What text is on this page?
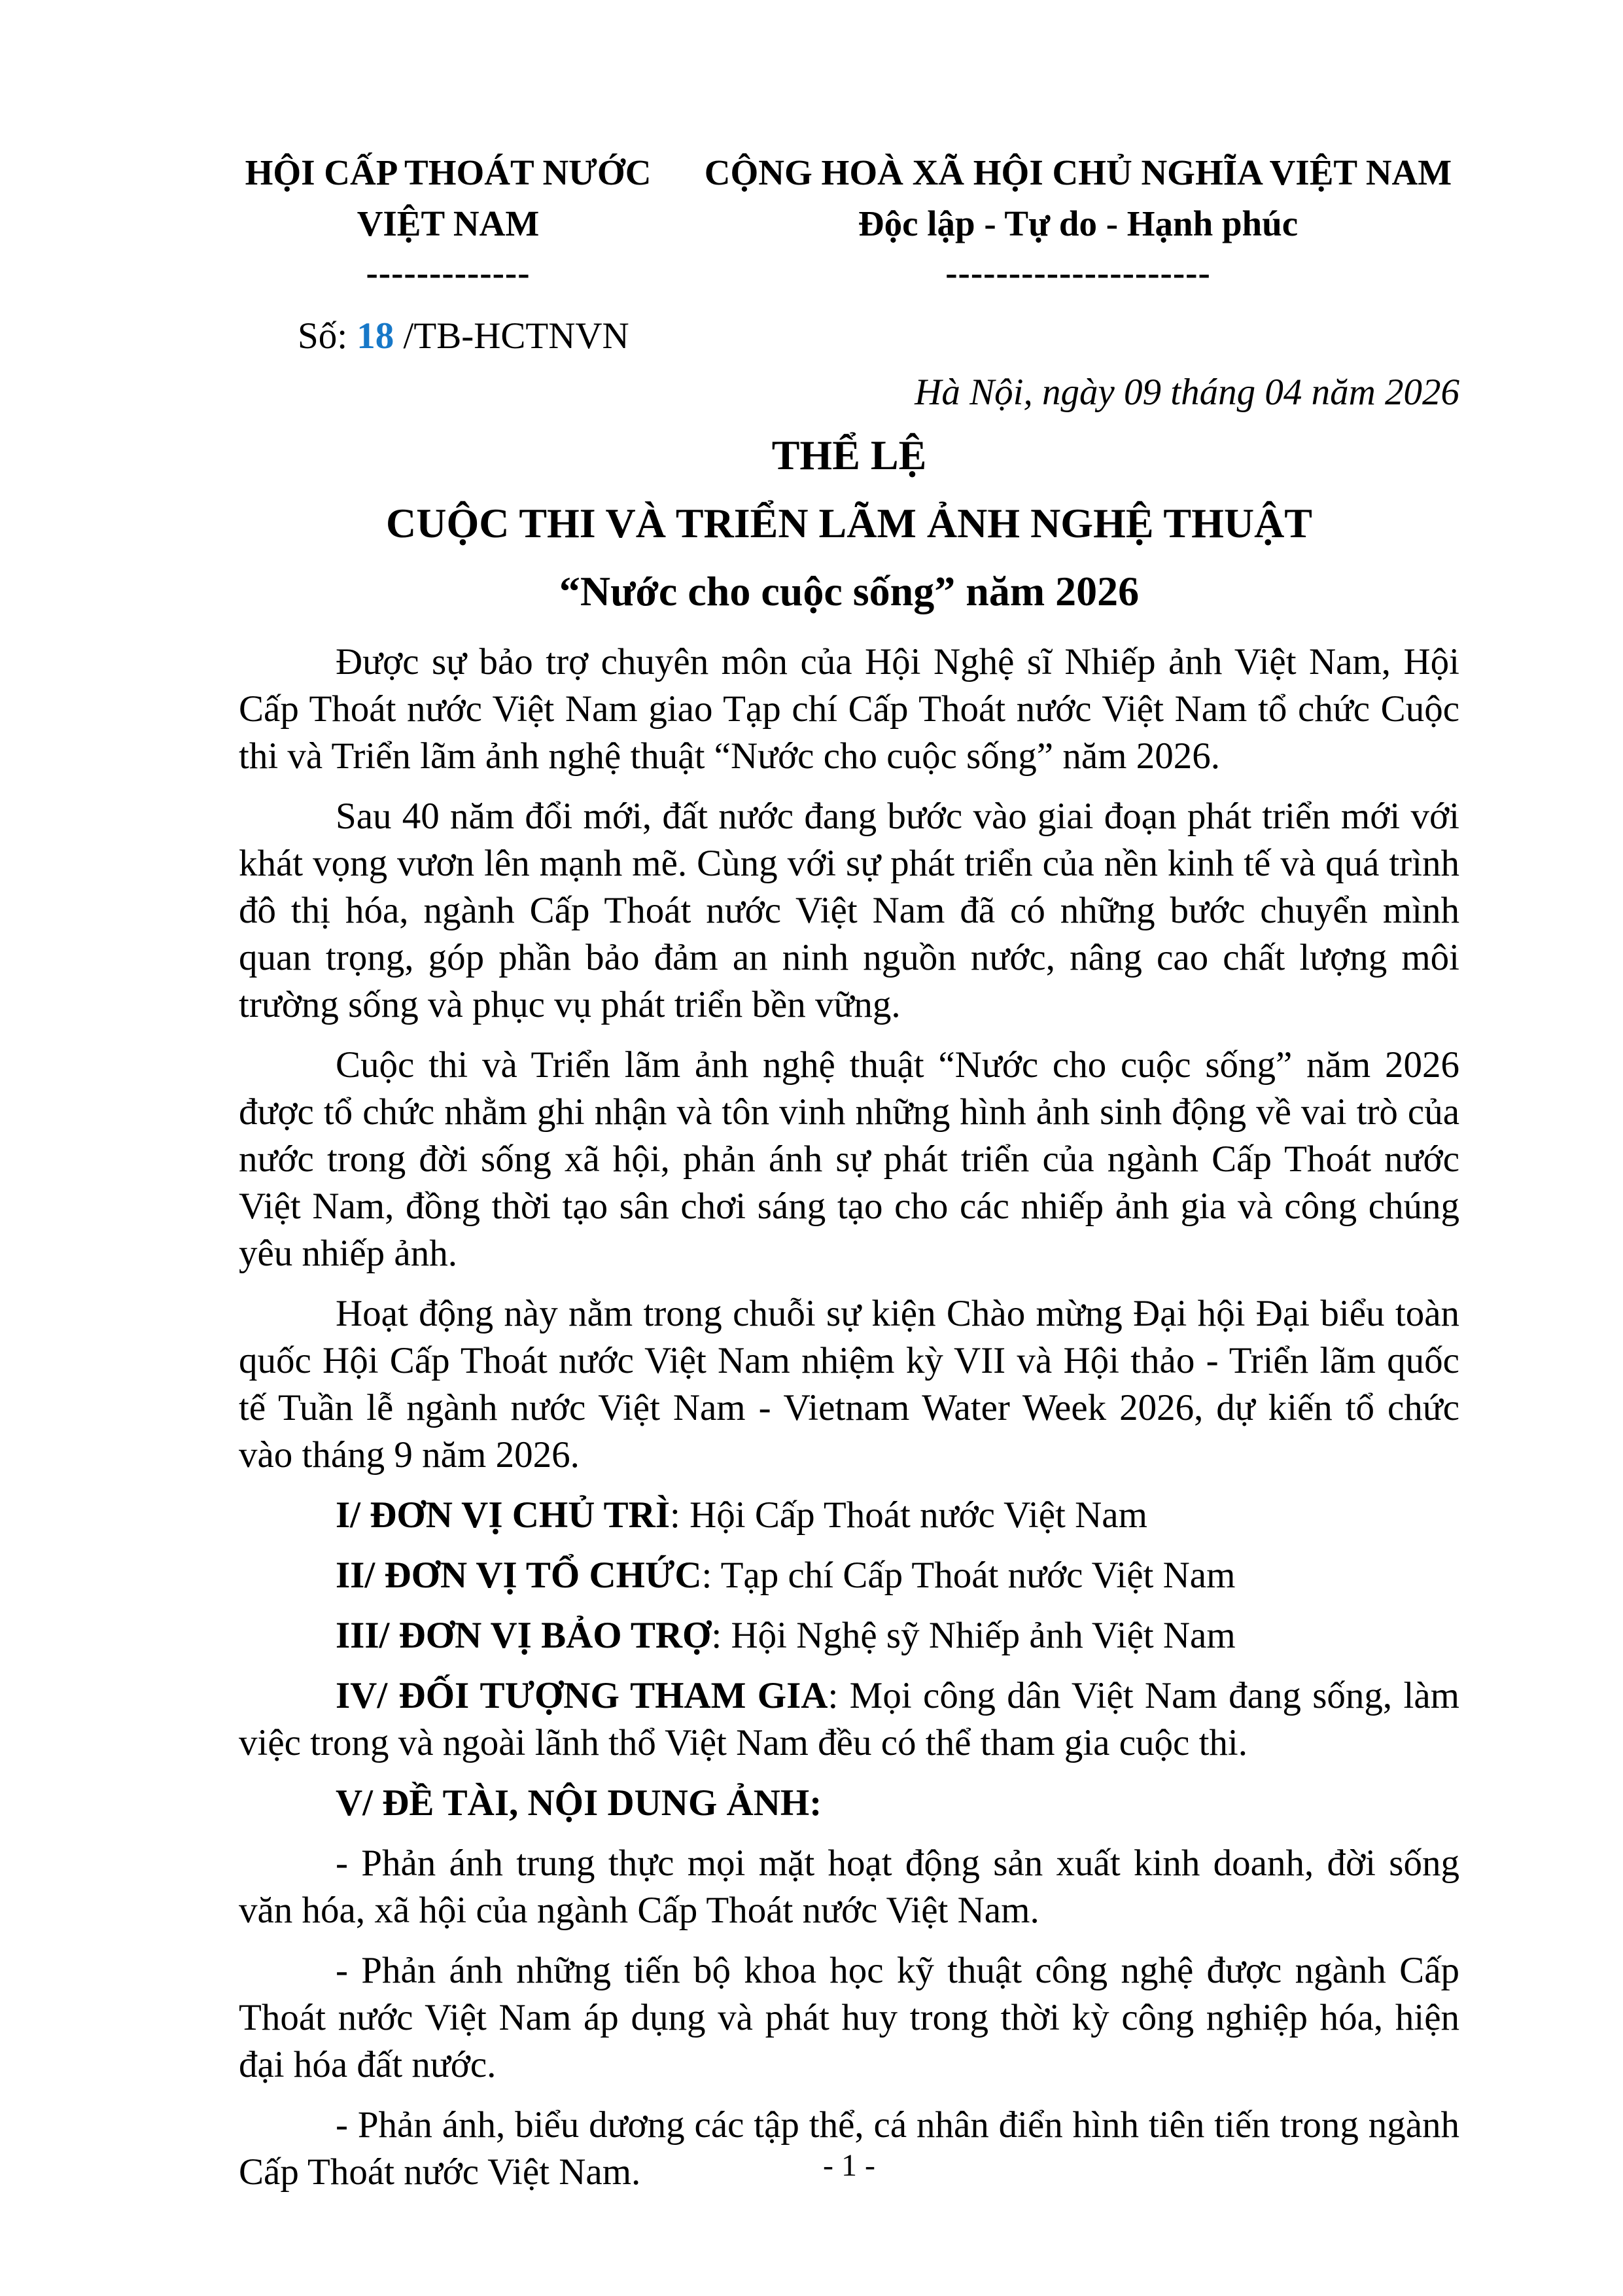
HỘI CẤP THOÁT NƯỚC
VIỆT NAM
-------------
CỘNG HOÀ XÃ HỘI CHỦ NGHĨA VIỆT NAM
Độc lập - Tự do - Hạnh phúc
---------------------
Số: 18 /TB-HCTNVN
Hà Nội, ngày 09 tháng 04 năm 2026
THỂ LỆ
CUỘC THI VÀ TRIỂN LÃM ẢNH NGHỆ THUẬT
“Nước cho cuộc sống” năm 2026

Được sự bảo trợ chuyên môn của Hội Nghệ sĩ Nhiếp ảnh Việt Nam, Hội Cấp Thoát nước Việt Nam giao Tạp chí Cấp Thoát nước Việt Nam tổ chức Cuộc thi và Triển lãm ảnh nghệ thuật “Nước cho cuộc sống” năm 2026.

Sau 40 năm đổi mới, đất nước đang bước vào giai đoạn phát triển mới với khát vọng vươn lên mạnh mẽ. Cùng với sự phát triển của nền kinh tế và quá trình đô thị hóa, ngành Cấp Thoát nước Việt Nam đã có những bước chuyển mình quan trọng, góp phần bảo đảm an ninh nguồn nước, nâng cao chất lượng môi trường sống và phục vụ phát triển bền vững.

Cuộc thi và Triển lãm ảnh nghệ thuật “Nước cho cuộc sống” năm 2026 được tổ chức nhằm ghi nhận và tôn vinh những hình ảnh sinh động về vai trò của nước trong đời sống xã hội, phản ánh sự phát triển của ngành Cấp Thoát nước Việt Nam, đồng thời tạo sân chơi sáng tạo cho các nhiếp ảnh gia và công chúng yêu nhiếp ảnh.

Hoạt động này nằm trong chuỗi sự kiện Chào mừng Đại hội Đại biểu toàn quốc Hội Cấp Thoát nước Việt Nam nhiệm kỳ VII và Hội thảo - Triển lãm quốc tế Tuần lễ ngành nước Việt Nam - Vietnam Water Week 2026, dự kiến tổ chức vào tháng 9 năm 2026.

I/ ĐƠN VỊ CHỦ TRÌ: Hội Cấp Thoát nước Việt Nam

II/ ĐƠN VỊ TỔ CHỨC: Tạp chí Cấp Thoát nước Việt Nam

III/ ĐƠN VỊ BẢO TRỢ: Hội Nghệ sỹ Nhiếp ảnh Việt Nam

IV/ ĐỐI TƯỢNG THAM GIA: Mọi công dân Việt Nam đang sống, làm việc trong và ngoài lãnh thổ Việt Nam đều có thể tham gia cuộc thi.

V/ ĐỀ TÀI, NỘI DUNG ẢNH:

- Phản ánh trung thực mọi mặt hoạt động sản xuất kinh doanh, đời sống văn hóa, xã hội của ngành Cấp Thoát nước Việt Nam.

- Phản ánh những tiến bộ khoa học kỹ thuật công nghệ được ngành Cấp Thoát nước Việt Nam áp dụng và phát huy trong thời kỳ công nghiệp hóa, hiện đại hóa đất nước.

- Phản ánh, biểu dương các tập thể, cá nhân điển hình tiên tiến trong ngành Cấp Thoát nước Việt Nam.	- 1 -
